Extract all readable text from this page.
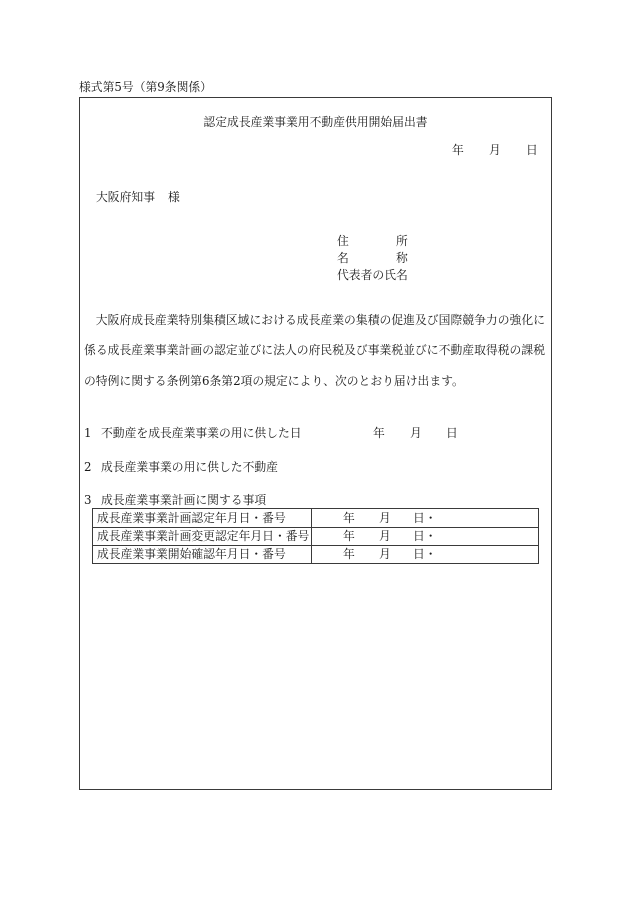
様式第5号（第9条関係）
認定成長産業事業用不動産供用開始届出書
年 月 日
大阪府知事 様
住	所
名	称
代表者の氏名
大阪府成長産業特別集積区域における成長産業の集積の促進及び国際競争力の強化に
係る成長産業事業計画の認定並びに法人の府民税及び事業税並びに不動産取得税の課税
の特例に関する条例第6条第2項の規定により、次のとおり届け出ます。
1 不動産を成長産業事業の用に供した日	年 月 日
2 成長産業事業の用に供した不動産
3 成長産業事業計画に関する事項
成長産業事業計画認定年月日・番号	年 月 日・
成長産業事業計画変更認定年月日・番号	年 月 日・
成長産業事業開始確認年月日・番号	年 月 日・
